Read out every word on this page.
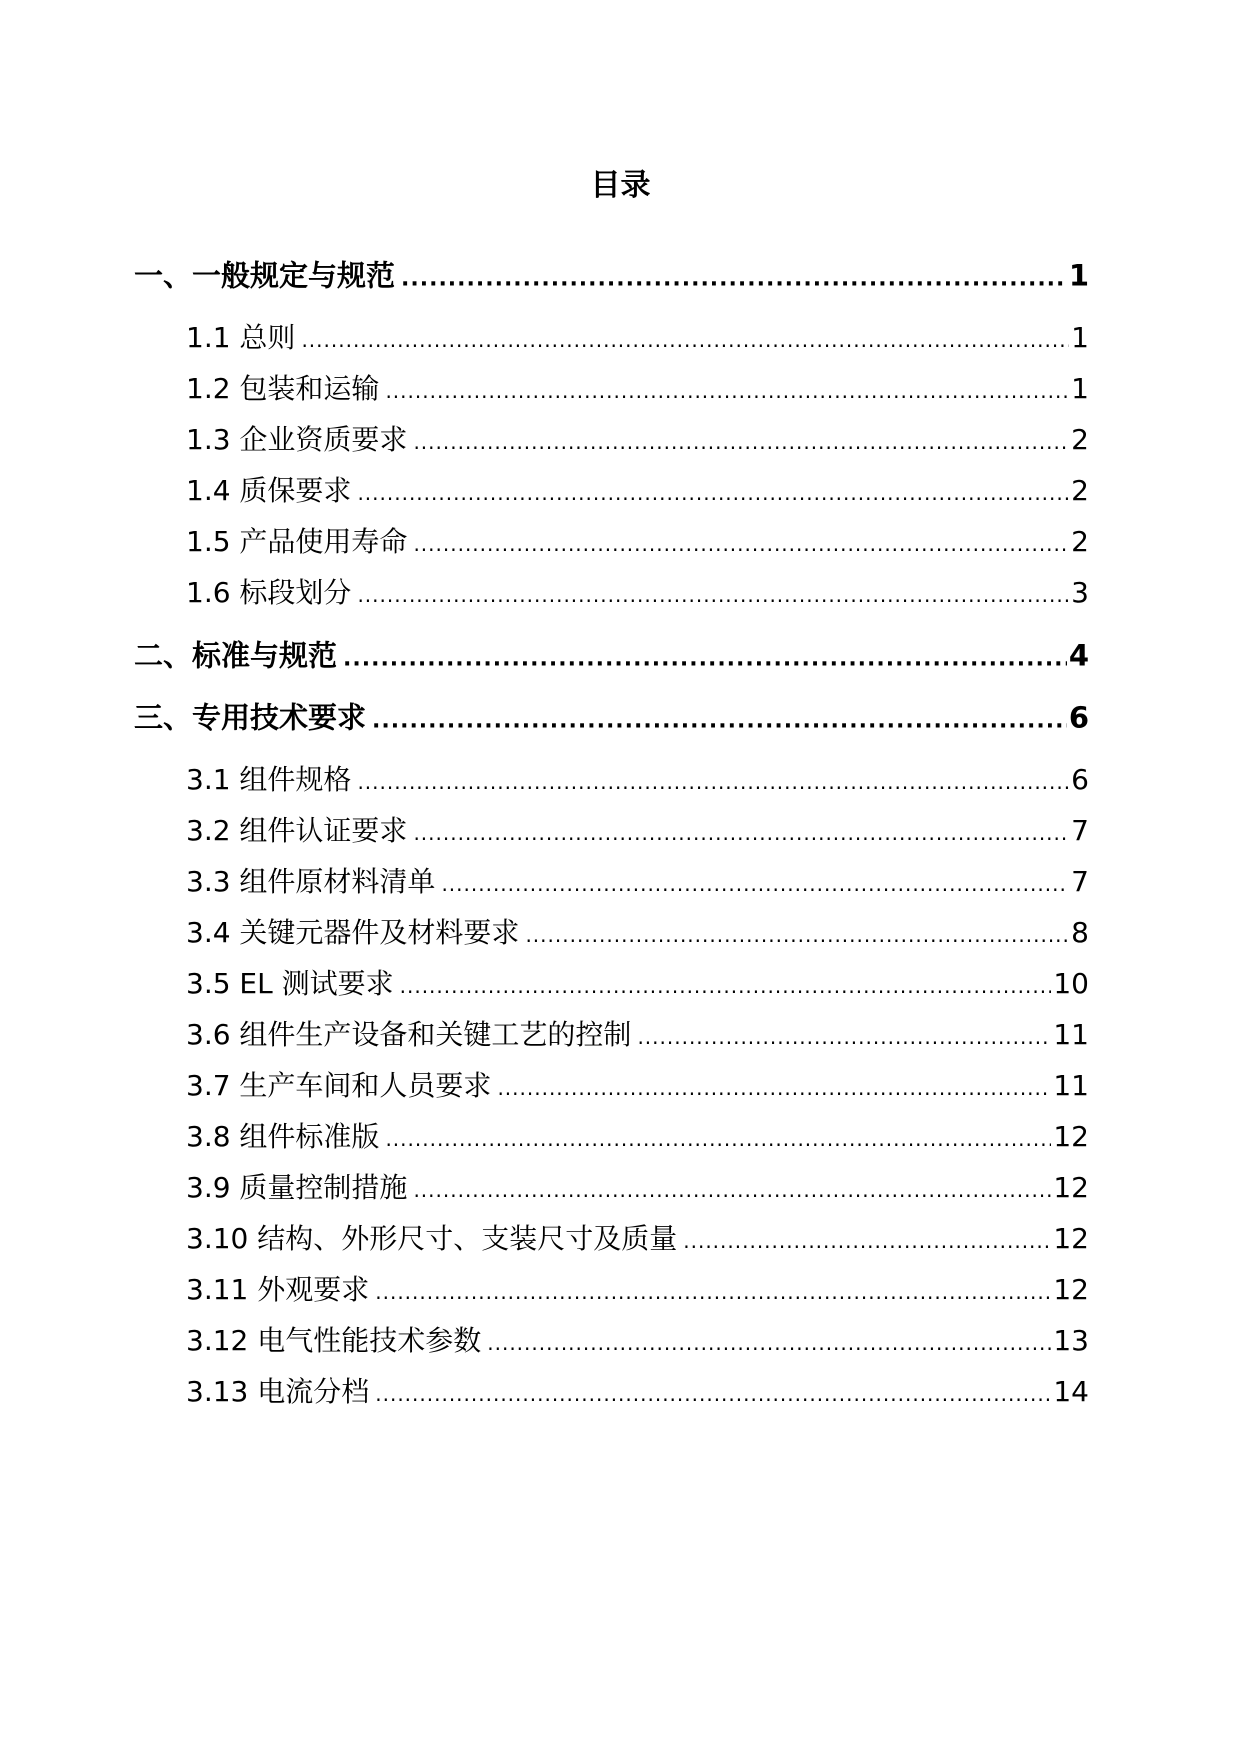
目录
一、一般规定与规范 .....	1
1.1 总则 .....	1
1.2 包装和运输 .....	1
1.3 企业资质要求 .....	2
1.4 质保要求 .....	2
1.5 产品使用寿命 .....	2
1.6 标段划分 .....	3
二、标准与规范 .....	4
三、专用技术要求 .....	6
3.1 组件规格 .....	6
3.2 组件认证要求 .....	7
3.3 组件原材料清单 .....	7
3.4 关键元器件及材料要求 .....	8
3.5 EL 测试要求 .....	10
3.6 组件生产设备和关键工艺的控制 .....	11
3.7 生产车间和人员要求 .....	11
3.8 组件标准版 .....	12
3.9 质量控制措施 .....	12
3.10 结构、外形尺寸、支装尺寸及质量 .....	12
3.11 外观要求 .....	12
3.12 电气性能技术参数 .....	13
3.13 电流分档 .....	14
